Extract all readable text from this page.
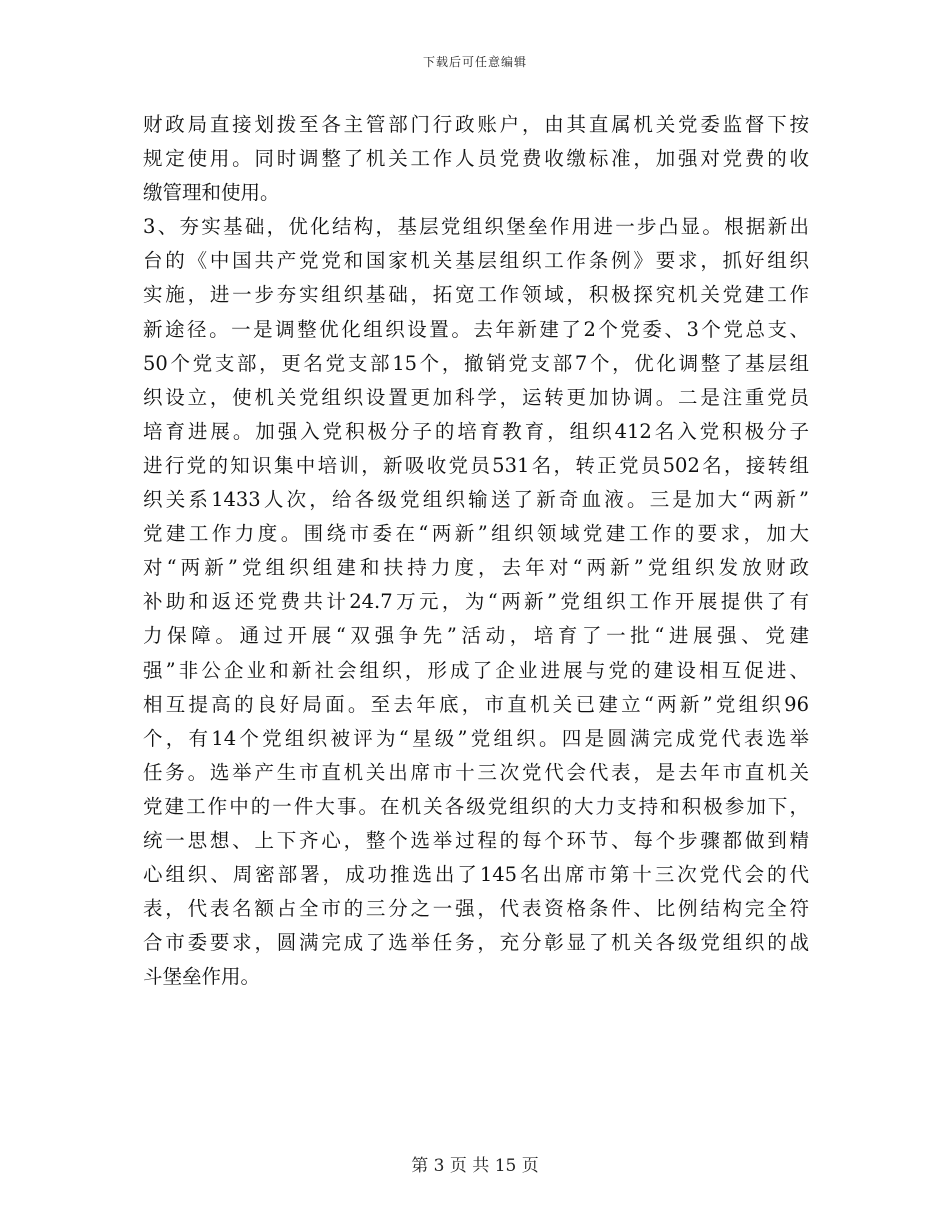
下载后可任意编辑
财政局直接划拨至各主管部门行政账户，由其直属机关党委监督下按
规定使用。同时调整了机关工作人员党费收缴标准，加强对党费的收
缴管理和使用。
3、夯实基础，优化结构，基层党组织堡垒作用进一步凸显。根据新出
台的《中国共产党党和国家机关基层组织工作条例》要求，抓好组织
实施，进一步夯实组织基础，拓宽工作领域，积极探究机关党建工作
新途径。一是调整优化组织设置。去年新建了2个党委、3个党总支、
50个党支部，更名党支部15个，撤销党支部7个，优化调整了基层组
织设立，使机关党组织设置更加科学，运转更加协调。二是注重党员
培育进展。加强入党积极分子的培育教育，组织412名入党积极分子
进行党的知识集中培训，新吸收党员531名，转正党员502名，接转组
织关系1433人次，给各级党组织输送了新奇血液。三是加大“两新”
党建工作力度。围绕市委在“两新”组织领域党建工作的要求，加大
对“两新”党组织组建和扶持力度，去年对“两新”党组织发放财政
补助和返还党费共计24.7万元，为“两新”党组织工作开展提供了有
力保障。通过开展“双强争先”活动，培育了一批“进展强、党建
强”非公企业和新社会组织，形成了企业进展与党的建设相互促进、
相互提高的良好局面。至去年底，市直机关已建立“两新”党组织96
个，有14个党组织被评为“星级”党组织。四是圆满完成党代表选举
任务。选举产生市直机关出席市十三次党代会代表，是去年市直机关
党建工作中的一件大事。在机关各级党组织的大力支持和积极参加下，
统一思想、上下齐心，整个选举过程的每个环节、每个步骤都做到精
心组织、周密部署，成功推选出了145名出席市第十三次党代会的代
表，代表名额占全市的三分之一强，代表资格条件、比例结构完全符
合市委要求，圆满完成了选举任务，充分彰显了机关各级党组织的战
斗堡垒作用。
第 3 页 共 15 页
